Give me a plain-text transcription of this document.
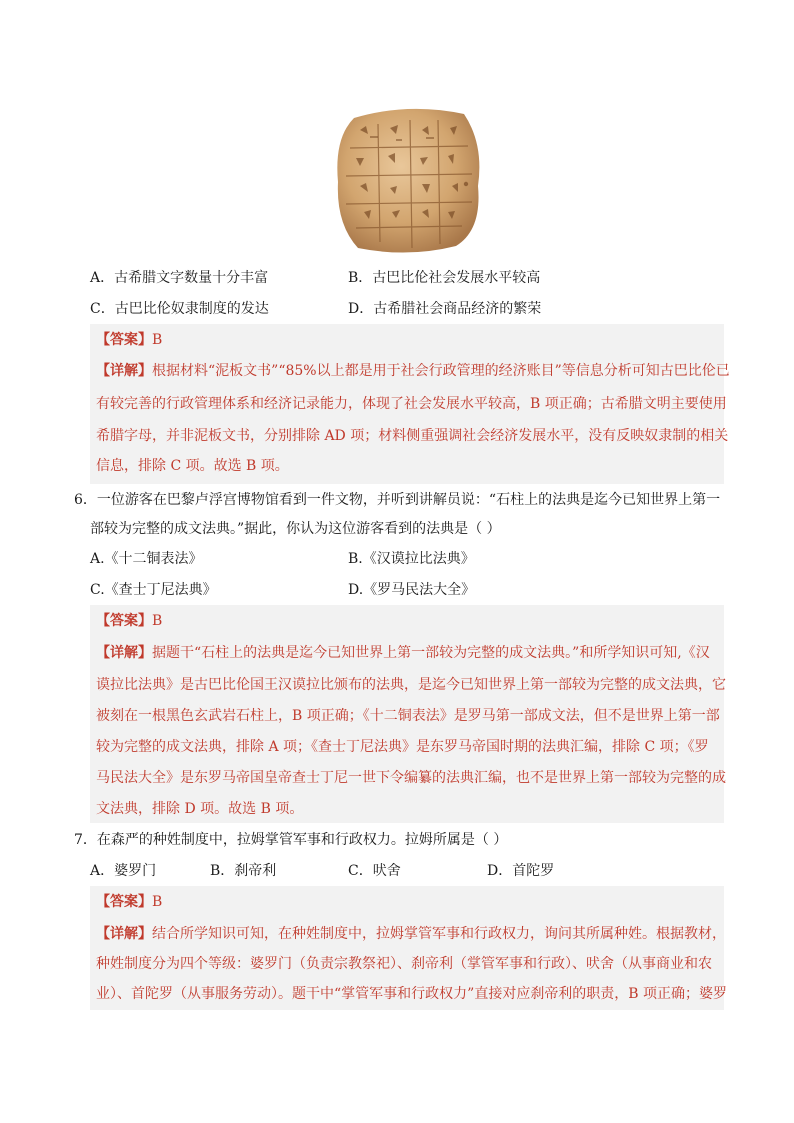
A．古希腊文字数量十分丰富	B．古巴比伦社会发展水平较高
C．古巴比伦奴隶制度的发达	D．古希腊社会商品经济的繁荣
【答案】B
【详解】根据材料“泥板文书”“85%以上都是用于社会行政管理的经济账目”等信息分析可知古巴比伦已
有较完善的行政管理体系和经济记录能力，体现了社会发展水平较高，B 项正确；古希腊文明主要使用
希腊字母，并非泥板文书，分别排除 AD 项；材料侧重强调社会经济发展水平，没有反映奴隶制的相关
信息，排除 C 项。故选 B 项。
6．一位游客在巴黎卢浮宫博物馆看到一件文物，并听到讲解员说：“石柱上的法典是迄今已知世界上第一
部较为完整的成文法典。”据此，你认为这位游客看到的法典是（ ）
A.《十二铜表法》	B.《汉谟拉比法典》
C.《查士丁尼法典》	D.《罗马民法大全》
【答案】B
【详解】据题干“石柱上的法典是迄今已知世界上第一部较为完整的成文法典。”和所学知识可知,《汉
谟拉比法典》是古巴比伦国王汉谟拉比颁布的法典，是迄今已知世界上第一部较为完整的成文法典，它
被刻在一根黑色玄武岩石柱上，B 项正确；《十二铜表法》是罗马第一部成文法，但不是世界上第一部
较为完整的成文法典，排除 A 项；《查士丁尼法典》是东罗马帝国时期的法典汇编，排除 C 项；《罗
马民法大全》是东罗马帝国皇帝查士丁尼一世下令编纂的法典汇编，也不是世界上第一部较为完整的成
文法典，排除 D 项。故选 B 项。
7．在森严的种姓制度中，拉姆掌管军事和行政权力。拉姆所属是（ ）
A．婆罗门	B．刹帝利	C．吠舍	D．首陀罗
【答案】B
【详解】结合所学知识可知，在种姓制度中，拉姆掌管军事和行政权力，询问其所属种姓。根据教材，
种姓制度分为四个等级：婆罗门（负责宗教祭祀）、刹帝利（掌管军事和行政）、吠舍（从事商业和农
业）、首陀罗（从事服务劳动）。题干中“掌管军事和行政权力”直接对应刹帝利的职责，B 项正确；婆罗
